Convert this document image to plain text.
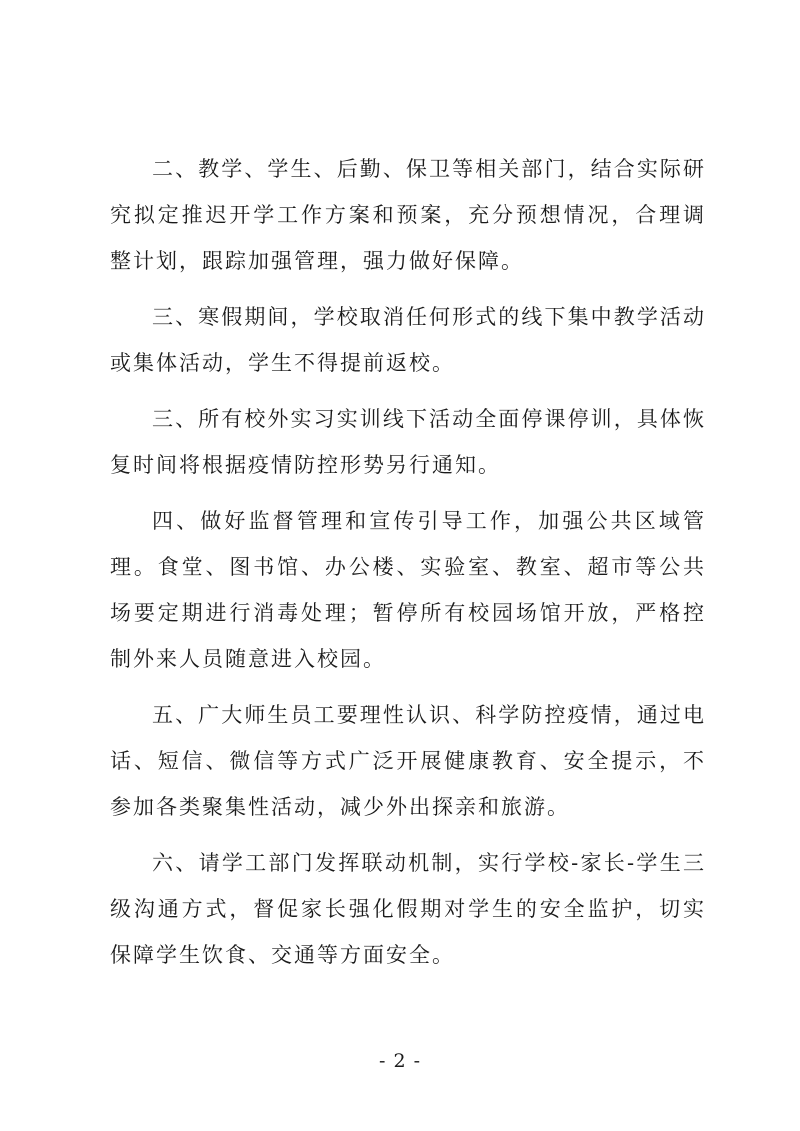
二、教学、学生、后勤、保卫等相关部门，结合实际研究拟定推迟开学工作方案和预案，充分预想情况，合理调整计划，跟踪加强管理，强力做好保障。

三、寒假期间，学校取消任何形式的线下集中教学活动或集体活动，学生不得提前返校。

三、所有校外实习实训线下活动全面停课停训，具体恢复时间将根据疫情防控形势另行通知。

四、做好监督管理和宣传引导工作，加强公共区域管理。食堂、图书馆、办公楼、实验室、教室、超市等公共场要定期进行消毒处理；暂停所有校园场馆开放，严格控制外来人员随意进入校园。

五、广大师生员工要理性认识、科学防控疫情，通过电话、短信、微信等方式广泛开展健康教育、安全提示，不参加各类聚集性活动，减少外出探亲和旅游。

六、请学工部门发挥联动机制，实行学校-家长-学生三级沟通方式，督促家长强化假期对学生的安全监护，切实保障学生饮食、交通等方面安全。

- 2 -
